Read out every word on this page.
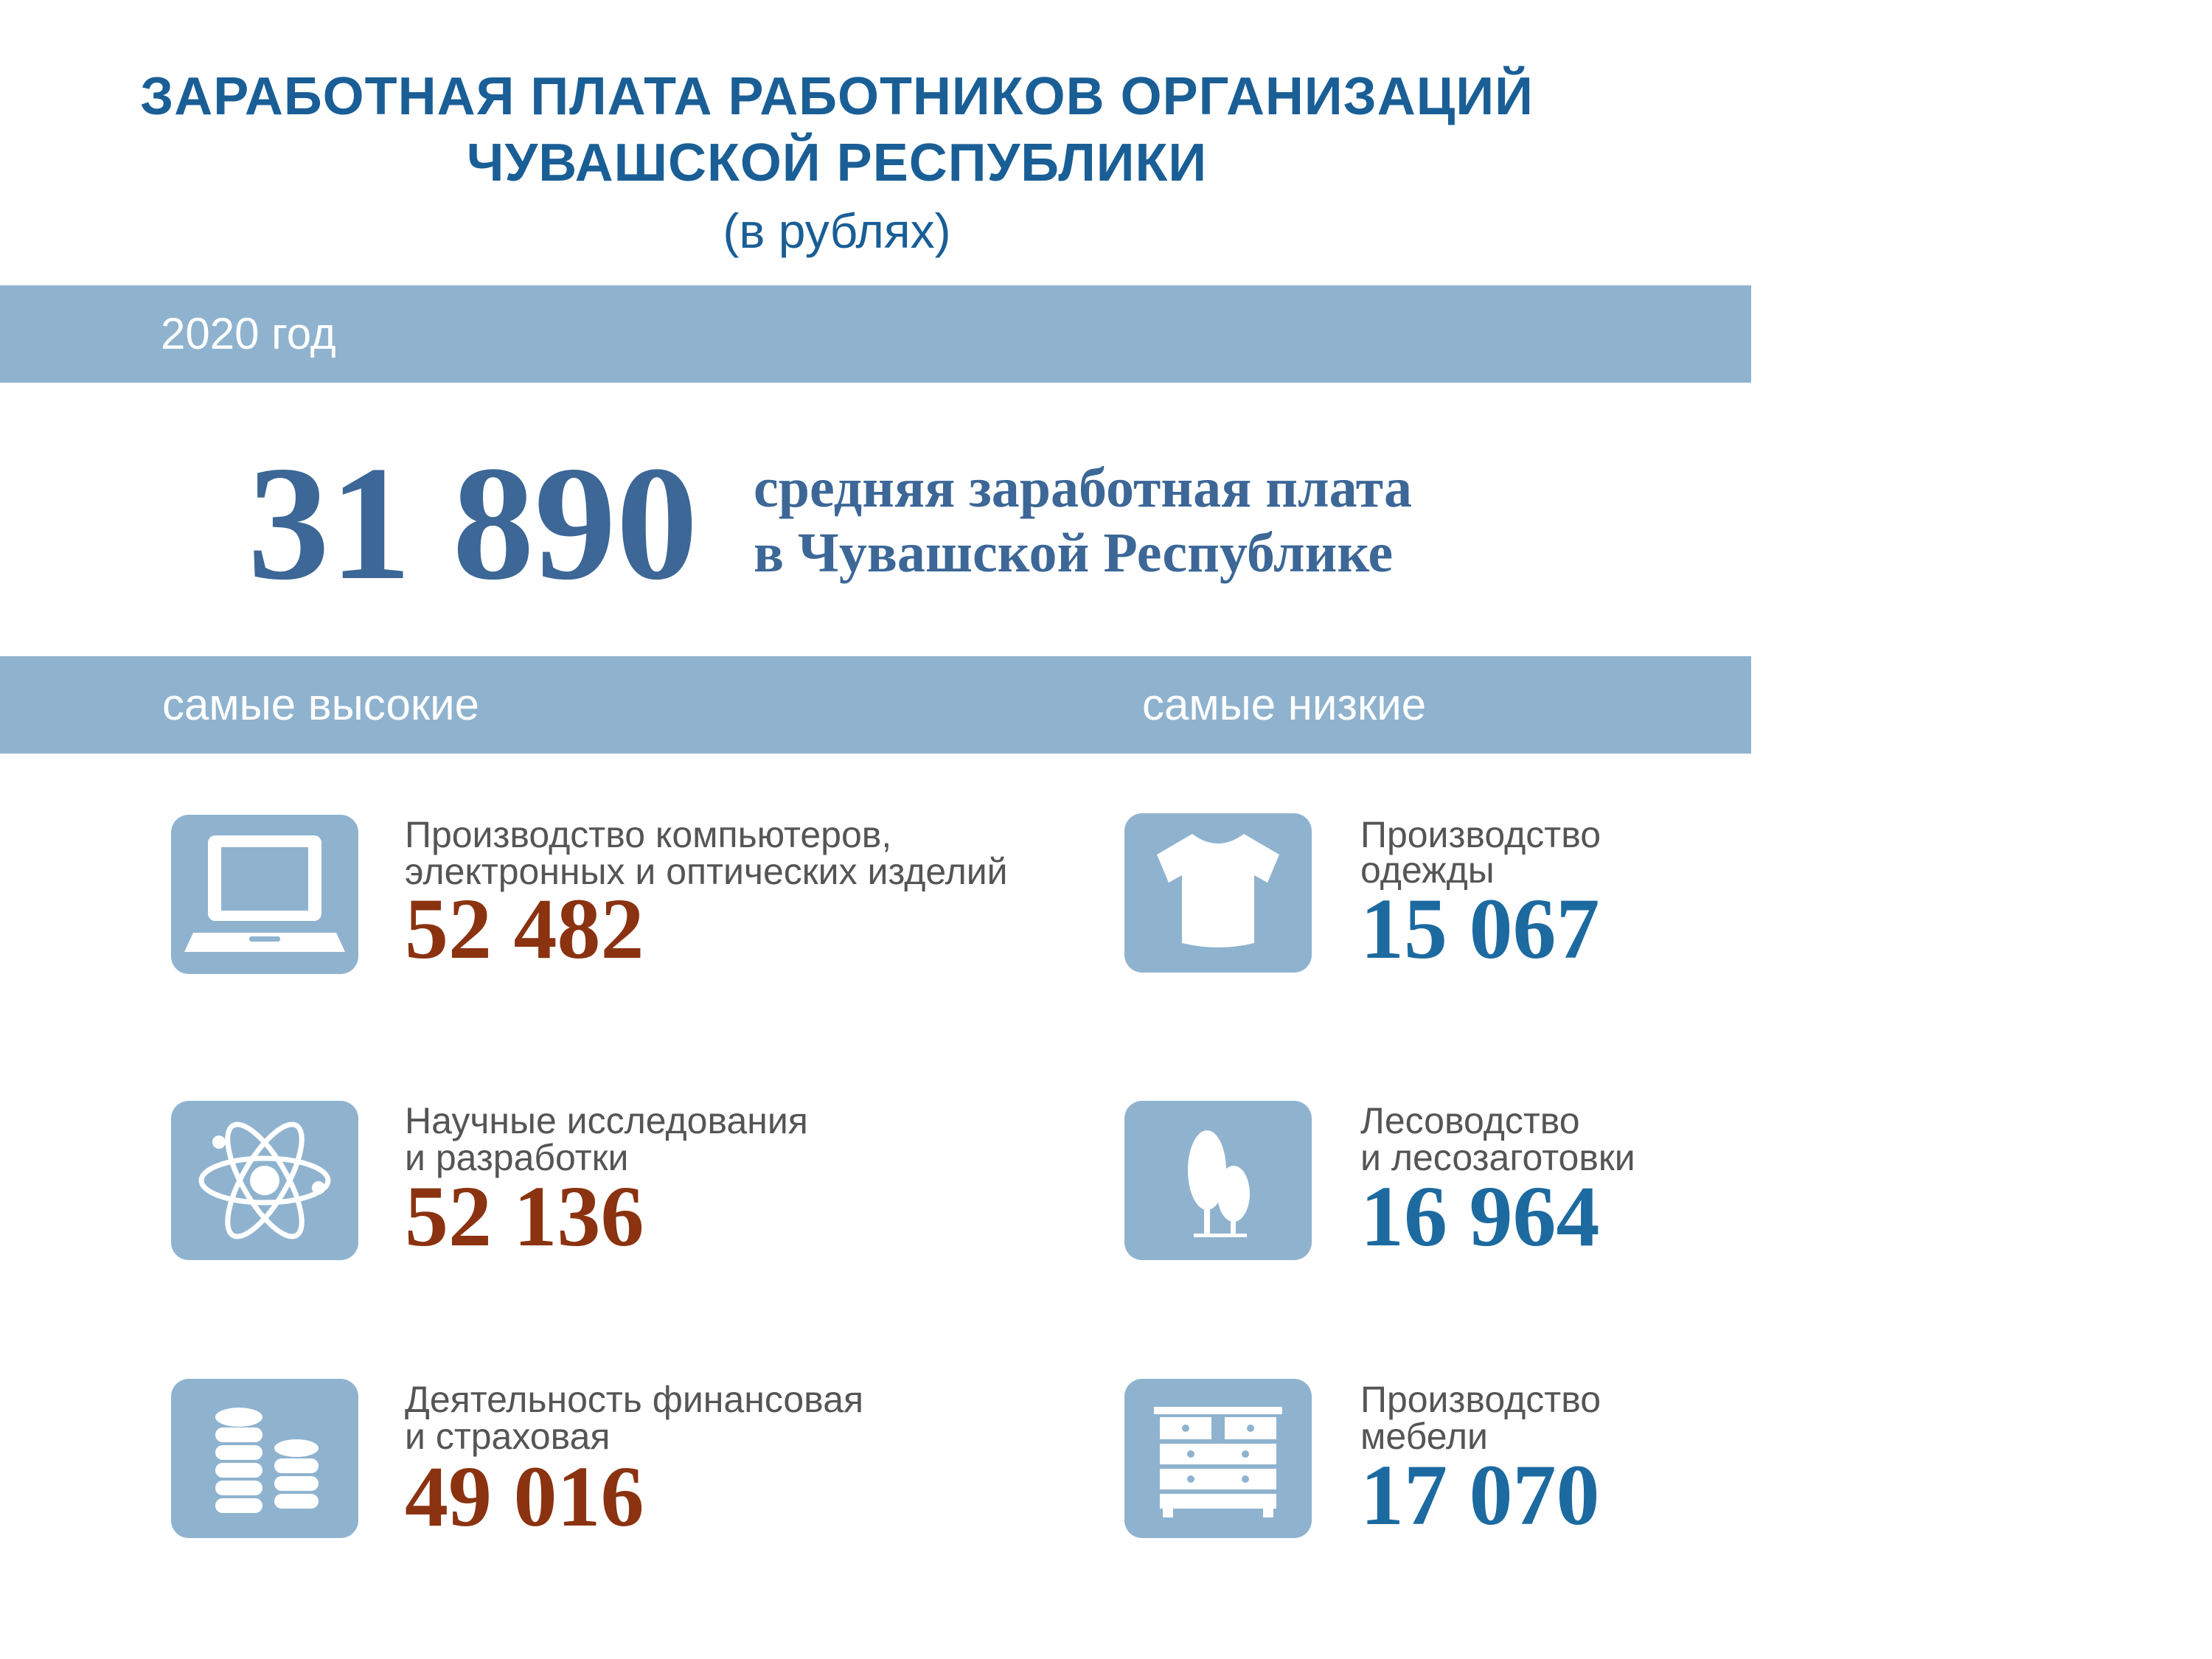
ЗАРАБОТНАЯ ПЛАТА РАБОТНИКОВ ОРГАНИЗАЦИЙ
ЧУВАШСКОЙ РЕСПУБЛИКИ
(в рублях)
2020 год
31 890 средняя заработная плата
в Чувашской Республике
самые высокие	самые низкие
Производство компьютеров,
электронных и оптических изделий
52 482
Научные исследования
и разработки
52 136
Деятельность финансовая
и страховая
49 016
Производство
одежды
15 067
Лесоводство
и лесозаготовки
16 964
Производство
мебели
17 070
